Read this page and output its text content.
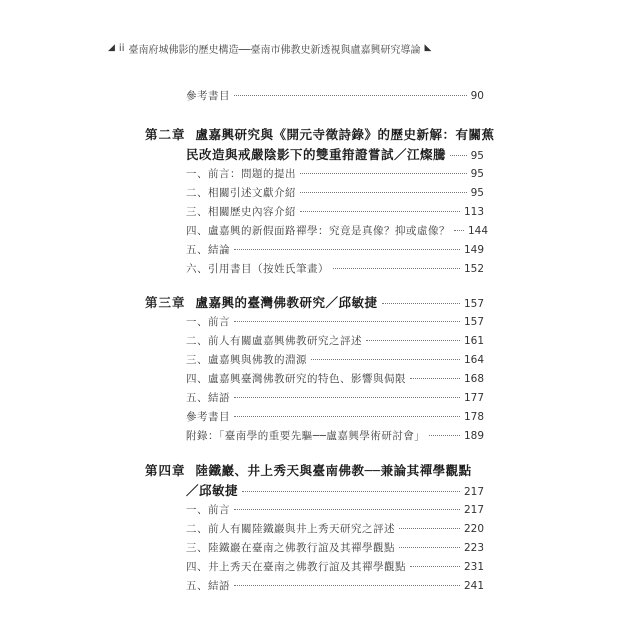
◢ ii 臺南府城佛影的歷史構造──臺南市佛教史新透視與盧嘉興研究導論 ◣
參考書目	90
第二章 盧嘉興研究與《開元寺徵詩錄》的歷史新解：有關蕉
民改造與戒嚴陰影下的雙重箝證嘗試／江燦騰 95
一、前言：問題的提出	95
二、相關引述文獻介紹	95
三、相關歷史內容介紹	113
四、盧嘉興的新假面路禪學：究竟是真像？抑或虛像？ 144
五、結論	149
六、引用書目（按姓氏筆畫）	152
第三章 盧嘉興的臺灣佛教研究／邱敏捷	157
一、前言	157
二、前人有關盧嘉興佛教研究之評述	161
三、盧嘉興與佛教的淵源	164
四、盧嘉興臺灣佛教研究的特色、影響與侷限	168
五、結語	177
參考書目	178
附錄：「臺南學的重要先驅──盧嘉興學術研討會」	189
第四章 陸鐵巖、井上秀天與臺南佛教──兼論其禪學觀點
／邱敏捷	217
一、前言	217
二、前人有關陸鐵巖與井上秀天研究之評述	220
三、陸鐵巖在臺南之佛教行誼及其禪學觀點	223
四、井上秀天在臺南之佛教行誼及其禪學觀點	231
五、結語	241
